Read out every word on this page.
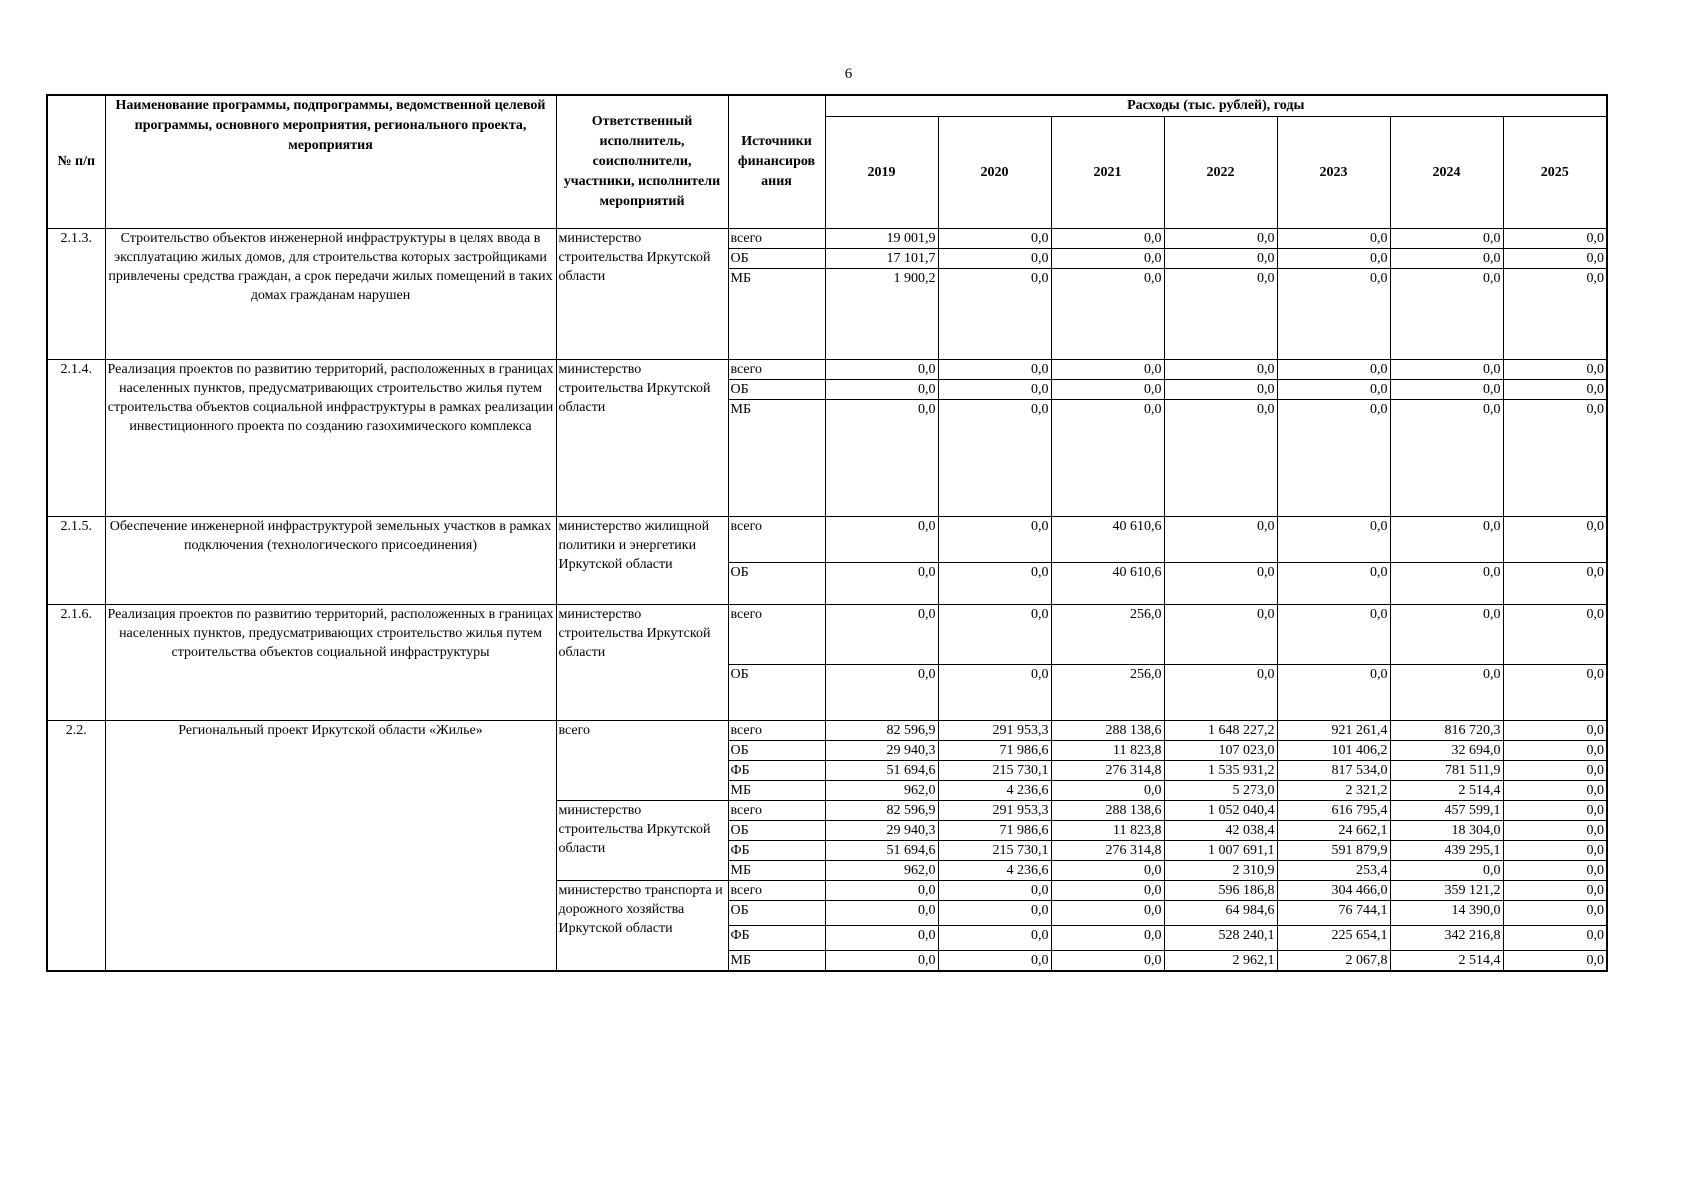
6
№ п/п	Наименование программы, подпрограммы, ведомственной целевой программы, основного мероприятия, регионального проекта, мероприятия	Ответственный исполнитель, соисполнители, участники, исполнители мероприятий	Источники финансиров ания	Расходы (тыс. рублей), годы						
				2019	2020	2021	2022	2023	2024	2025
2.1.3.	Строительство объектов инженерной инфраструктуры в целях ввода в эксплуатацию жилых домов, для строительства которых застройщиками привлечены средства граждан, а срок передачи жилых помещений в таких домах гражданам нарушен	министерство строительства Иркутской области	всего	19 001,9	0,0	0,0	0,0	0,0	0,0	0,0
			ОБ	17 101,7	0,0	0,0	0,0	0,0	0,0	0,0
			МБ	1 900,2	0,0	0,0	0,0	0,0	0,0	0,0
2.1.4.	Реализация проектов по развитию территорий, расположенных в границах населенных пунктов, предусматривающих строительство жилья путем строительства объектов социальной инфраструктуры в рамках реализации инвестиционного проекта по созданию газохимического комплекса	министерство строительства Иркутской области	всего	0,0	0,0	0,0	0,0	0,0	0,0	0,0
			ОБ	0,0	0,0	0,0	0,0	0,0	0,0	0,0
			МБ	0,0	0,0	0,0	0,0	0,0	0,0	0,0
2.1.5.	Обеспечение инженерной инфраструктурой земельных участков в рамках подключения (технологического присоединения)	министерство жилищной политики и энергетики Иркутской области	всего	0,0	0,0	40 610,6	0,0	0,0	0,0	0,0
			ОБ	0,0	0,0	40 610,6	0,0	0,0	0,0	0,0
2.1.6.	Реализация проектов по развитию территорий, расположенных в границах населенных пунктов, предусматривающих строительство жилья путем строительства объектов социальной инфраструктуры	министерство строительства Иркутской области	всего	0,0	0,0	256,0	0,0	0,0	0,0	0,0
			ОБ	0,0	0,0	256,0	0,0	0,0	0,0	0,0
2.2.	Региональный проект Иркутской области «Жилье»	всего	всего	82 596,9	291 953,3	288 138,6	1 648 227,2	921 261,4	816 720,3	0,0
			ОБ	29 940,3	71 986,6	11 823,8	107 023,0	101 406,2	32 694,0	0,0
			ФБ	51 694,6	215 730,1	276 314,8	1 535 931,2	817 534,0	781 511,9	0,0
			МБ	962,0	4 236,6	0,0	5 273,0	2 321,2	2 514,4	0,0
		министерство строительства Иркутской области	всего	82 596,9	291 953,3	288 138,6	1 052 040,4	616 795,4	457 599,1	0,0
			ОБ	29 940,3	71 986,6	11 823,8	42 038,4	24 662,1	18 304,0	0,0
			ФБ	51 694,6	215 730,1	276 314,8	1 007 691,1	591 879,9	439 295,1	0,0
			МБ	962,0	4 236,6	0,0	2 310,9	253,4	0,0	0,0
		министерство транспорта и дорожного хозяйства Иркутской области	всего	0,0	0,0	0,0	596 186,8	304 466,0	359 121,2	0,0
			ОБ	0,0	0,0	0,0	64 984,6	76 744,1	14 390,0	0,0
			ФБ	0,0	0,0	0,0	528 240,1	225 654,1	342 216,8	0,0
			МБ	0,0	0,0	0,0	2 962,1	2 067,8	2 514,4	0,0
